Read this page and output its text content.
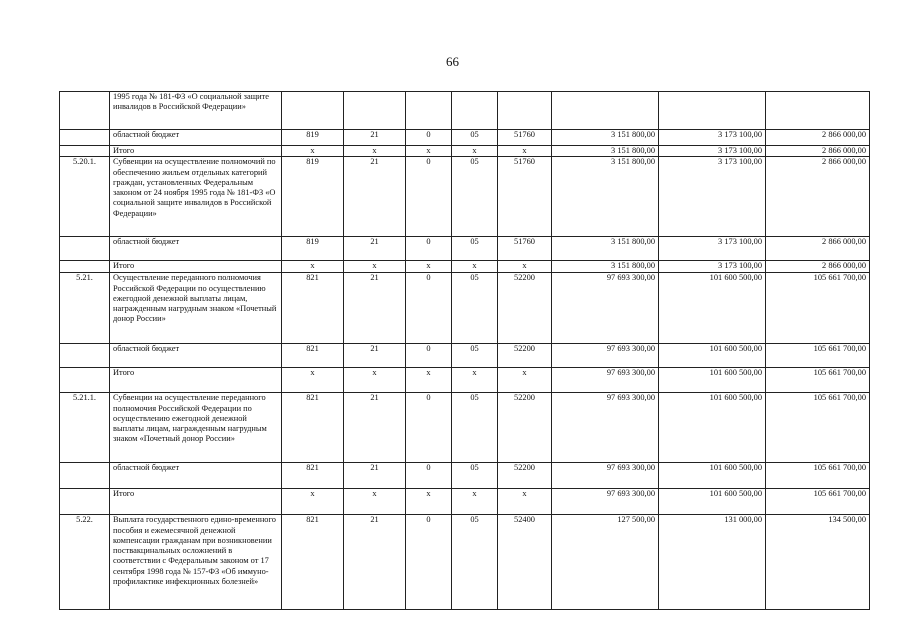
66
	1995 года № 181-ФЗ «О социальной защите инвалидов в Российской Федерации»								
	областной бюджет	819	21	0	05	51760	3 151 800,00	3 173 100,00	2 866 000,00
	Итого	х	х	х	х	х	3 151 800,00	3 173 100,00	2 866 000,00
5.20.1.	Субвенции на осуществление полномочий по обеспечению жильем отдельных категорий граждан, установленных Федеральным законом от 24 ноября 1995 года № 181-ФЗ «О социальной защите инвалидов в Российской Федерации»	819	21	0	05	51760	3 151 800,00	3 173 100,00	2 866 000,00
	областной бюджет	819	21	0	05	51760	3 151 800,00	3 173 100,00	2 866 000,00
	Итого	х	х	х	х	х	3 151 800,00	3 173 100,00	2 866 000,00
5.21.	Осуществление переданного полномочия Российской Федерации по осуществлению ежегодной денежной выплаты лицам, награжденным нагрудным знаком «Почетный донор России»	821	21	0	05	52200	97 693 300,00	101 600 500,00	105 661 700,00
	областной бюджет	821	21	0	05	52200	97 693 300,00	101 600 500,00	105 661 700,00
	Итого	х	х	х	х	х	97 693 300,00	101 600 500,00	105 661 700,00
5.21.1.	Субвенции на осуществление переданного полномочия Российской Федерации по осуществлению ежегодной денежной выплаты лицам, награжденным нагрудным знаком «Почетный донор России»	821	21	0	05	52200	97 693 300,00	101 600 500,00	105 661 700,00
	областной бюджет	821	21	0	05	52200	97 693 300,00	101 600 500,00	105 661 700,00
	Итого	х	х	х	х	х	97 693 300,00	101 600 500,00	105 661 700,00
5.22.	Выплата государственного едино-временного пособия и ежемесячной денежной компенсации гражданам при возникновении поствакцинальных осложнений в соответствии с Федеральным законом от 17 сентября 1998 года № 157-ФЗ «Об иммуно-профилактике инфекционных болезней»	821	21	0	05	52400	127 500,00	131 000,00	134 500,00
